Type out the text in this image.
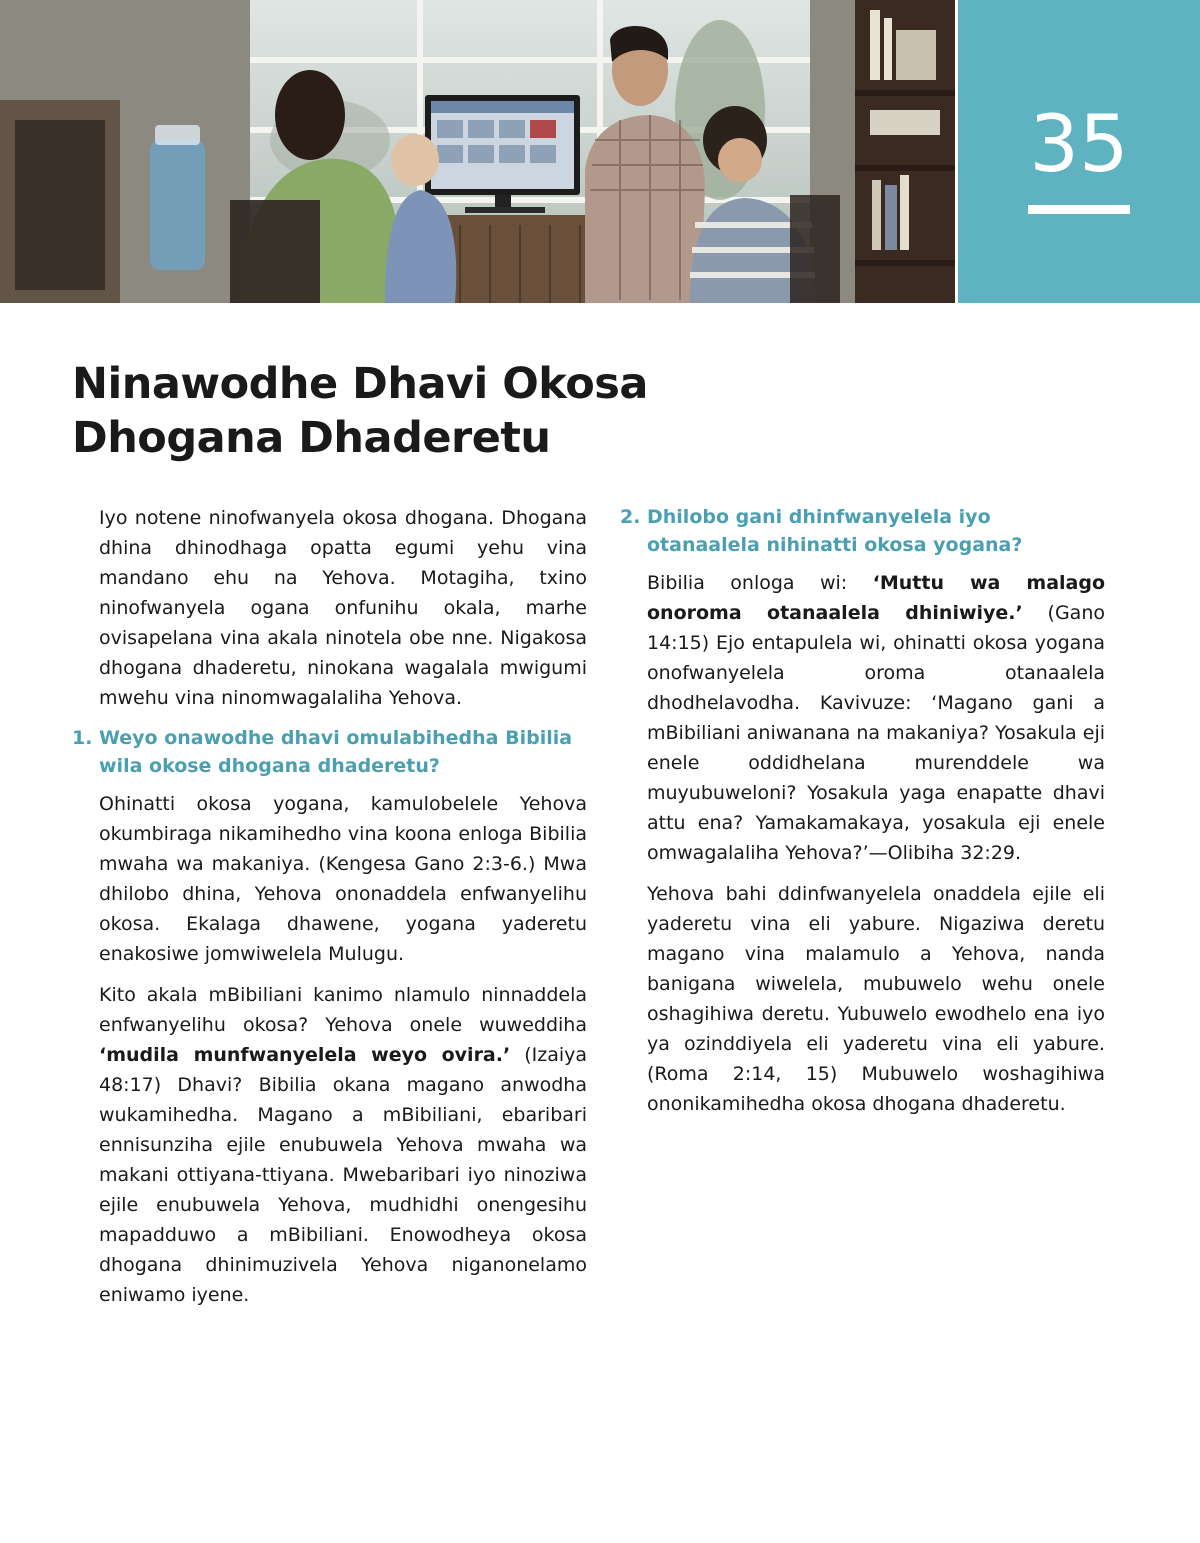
35
Ninawodhe Dhavi Okosa
Dhogana Dhaderetu

Iyo notene ninofwanyela okosa dhogana. Dhogana dhina dhinodhaga opatta egumi yehu vina mandano ehu na Yehova. Motagiha, txino ninofwanyela ogana onfunihu okala, marhe ovisapelana vina akala ninotela obe nne. Nigakosa dhogana dhaderetu, ninokana wagalala mwigumi mwehu vina ninomwagalaliha Yehova.

1. Weyo onawodhe dhavi omulabihedha Bibilia wila okose dhogana dhaderetu?

Ohinatti okosa yogana, kamulobelele Yehova okumbiraga nikamihedho vina koona enloga Bibilia mwaha wa makaniya. (Kengesa Gano 2:3-6.) Mwa dhilobo dhina, Yehova ononaddela enfwanyelihu okosa. Ekalaga dhawene, yogana yaderetu enakosiwe jomwiwelela Mulugu.

Kito akala mBibiliani kanimo nlamulo ninnaddela enfwanyelihu okosa? Yehova onele wuweddiha ‘mudila munfwanyelela weyo ovira.’ (Izaiya 48:17) Dhavi? Bibilia okana magano anwodha wukamihedha. Magano a mBibiliani, ebaribari ennisunziha ejile enubuwela Yehova mwaha wa makani ottiyana-ttiyana. Mwebaribari iyo ninoziwa ejile enubuwela Yehova, mudhidhi onengesihu mapadduwo a mBibiliani. Enowodheya okosa dhogana dhinimuzivela Yehova niganonelamo eniwamo iyene.

2. Dhilobo gani dhinfwanyelela iyo otanaalela nihinatti okosa yogana?

Bibilia onloga wi: ‘Muttu wa malago onoroma otanaalela dhiniwiye.’ (Gano 14:15) Ejo entapulela wi, ohinatti okosa yogana onofwanyelela oroma otanaalela dhodhelavodha. Kavivuze: ‘Magano gani a mBibiliani aniwanana na makaniya? Yosakula eji enele oddidhelana murenddele wa muyubuweloni? Yosakula yaga enapatte dhavi attu ena? Yamakamakaya, yosakula eji enele omwagalaliha Yehova?’—Olibiha 32:29.

Yehova bahi ddinfwanyelela onaddela ejile eli yaderetu vina eli yabure. Nigaziwa deretu magano vina malamulo a Yehova, nanda banigana wiwelela, mubuwelo wehu onele oshagihiwa deretu. Yubuwelo ewodhelo ena iyo ya ozinddiyela eli yaderetu vina eli yabure. (Roma 2:14, 15) Mubuwelo woshagihiwa ononikamihedha okosa dhogana dhaderetu.
